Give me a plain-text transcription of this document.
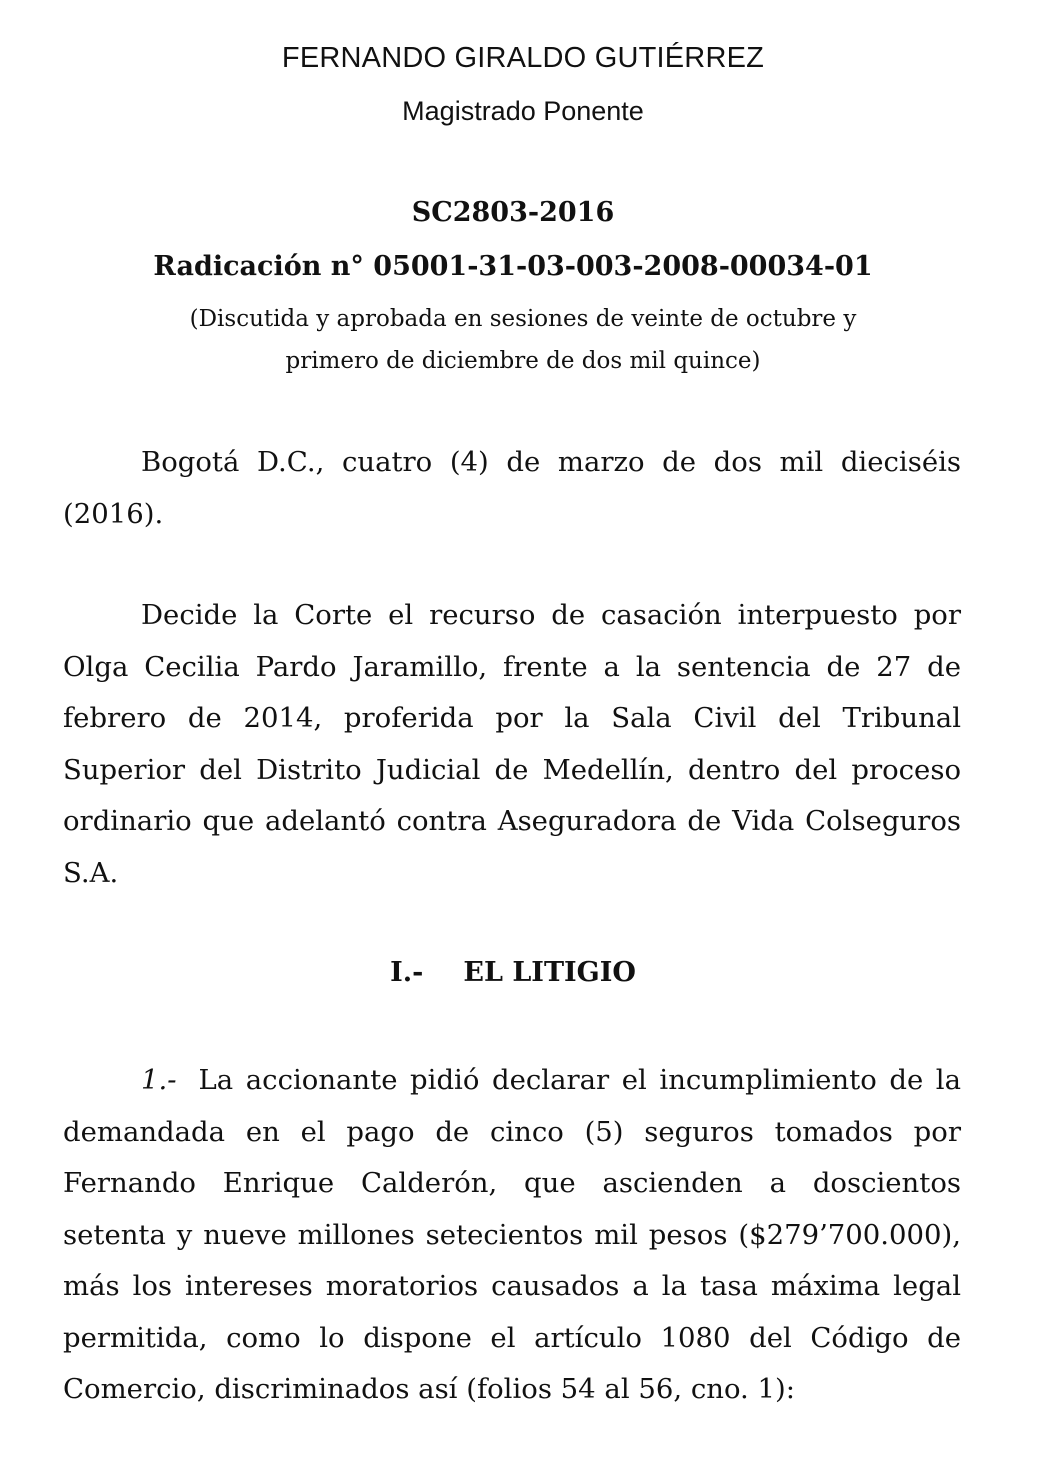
FERNANDO GIRALDO GUTIÉRREZ

Magistrado Ponente

SC2803-2016

Radicación n° 05001-31-03-003-2008-00034-01

(Discutida y aprobada en sesiones de veinte de octubre y

primero de diciembre de dos mil quince)

Bogotá D.C., cuatro (4) de marzo de dos mil dieciséis (2016).

Decide la Corte el recurso de casación interpuesto por Olga Cecilia Pardo Jaramillo, frente a la sentencia de 27 de febrero de 2014, proferida por la Sala Civil del Tribunal Superior del Distrito Judicial de Medellín, dentro del proceso ordinario que adelantó contra Aseguradora de Vida Colseguros S.A.

I.- EL LITIGIO

1.- La accionante pidió declarar el incumplimiento de la demandada en el pago de cinco (5) seguros tomados por Fernando Enrique Calderón, que ascienden a doscientos setenta y nueve millones setecientos mil pesos ($279’700.000), más los intereses moratorios causados a la tasa máxima legal permitida, como lo dispone el artículo 1080 del Código de Comercio, discriminados así (folios 54 al 56, cno. 1):
